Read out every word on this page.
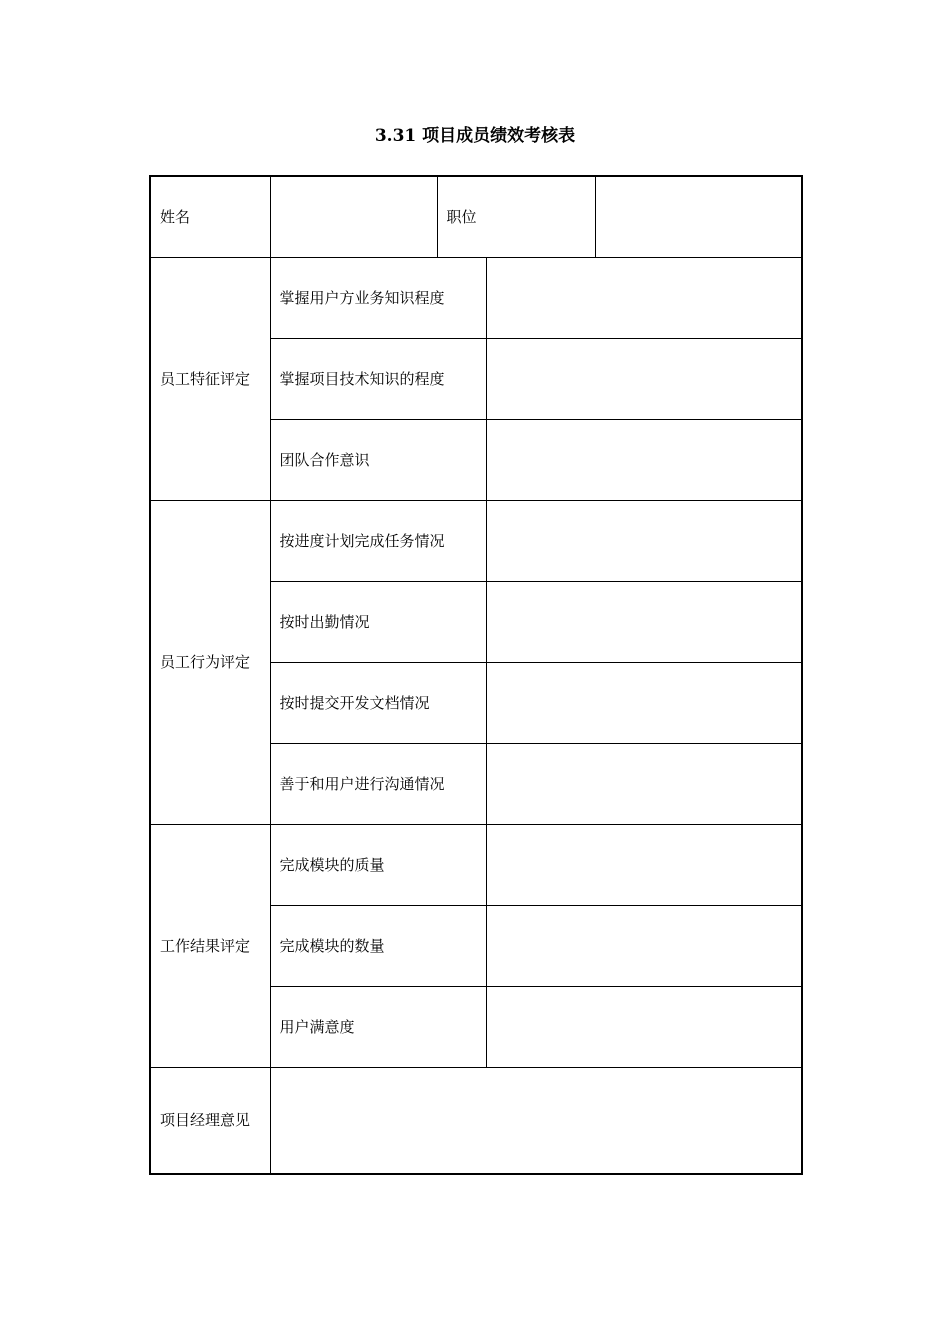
3.31 项目成员绩效考核表
姓名		职位		
员工特征评定	掌握用户方业务知识程度			
	掌握项目技术知识的程度			
	团队合作意识			
员工行为评定	按进度计划完成任务情况			
	按时出勤情况			
	按时提交开发文档情况			
	善于和用户进行沟通情况			
工作结果评定	完成模块的质量			
	完成模块的数量			
	用户满意度			
项目经理意见				
